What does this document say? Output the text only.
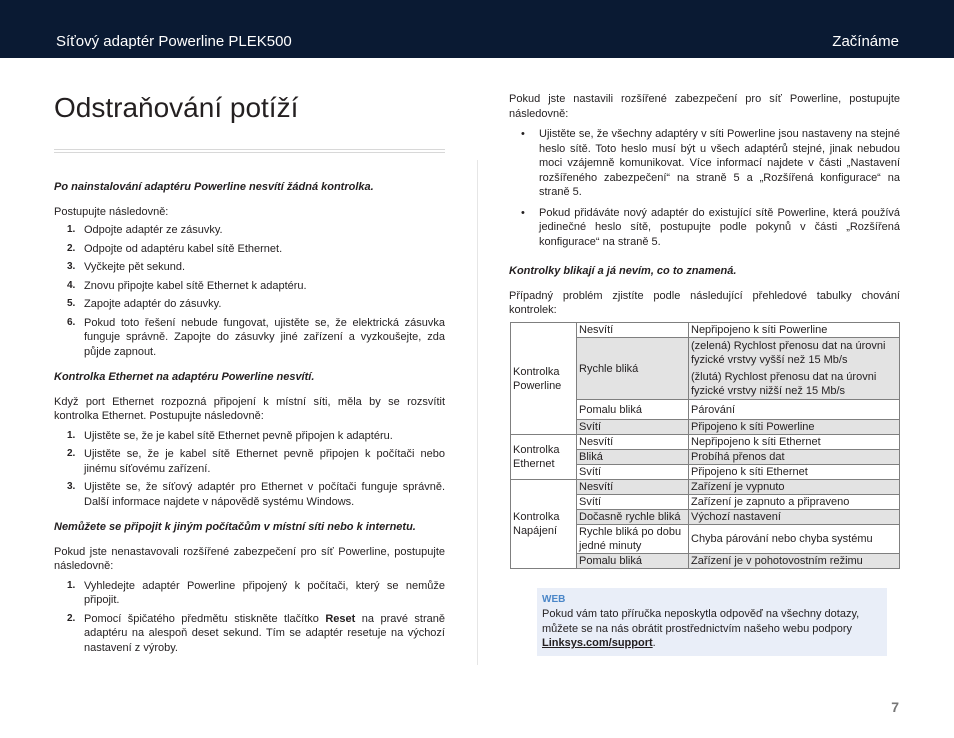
Síťový adaptér Powerline PLEK500	Začínáme
Odstraňování potíží

Po nainstalování adaptéru Powerline nesvítí žádná kontrolka.

Postupujte následovně:

1. Odpojte adaptér ze zásuvky.
2. Odpojte od adaptéru kabel sítě Ethernet.
3. Vyčkejte pět sekund.
4. Znovu připojte kabel sítě Ethernet k adaptéru.
5. Zapojte adaptér do zásuvky.
6. Pokud toto řešení nebude fungovat, ujistěte se, že elektrická zásuvka funguje správně. Zapojte do zásuvky jiné zařízení a vyzkoušejte, zda půjde zapnout.

Kontrolka Ethernet na adaptéru Powerline nesvítí.

Když port Ethernet rozpozná připojení k místní síti, měla by se rozsvítit kontrolka Ethernet. Postupujte následovně:

1. Ujistěte se, že je kabel sítě Ethernet pevně připojen k adaptéru.
2. Ujistěte se, že je kabel sítě Ethernet pevně připojen k počítači nebo jinému síťovému zařízení.
3. Ujistěte se, že síťový adaptér pro Ethernet v počítači funguje správně. Další informace najdete v nápovědě systému Windows.

Nemůžete se připojit k jiným počítačům v místní síti nebo k internetu.

Pokud jste nenastavovali rozšířené zabezpečení pro síť Powerline, postupujte následovně:

1. Vyhledejte adaptér Powerline připojený k počítači, který se nemůže připojit.
2. Pomocí špičatého předmětu stiskněte tlačítko Reset na pravé straně adaptéru na alespoň deset sekund. Tím se adaptér resetuje na výchozí nastavení z výroby.

Pokud jste nastavili rozšířené zabezpečení pro síť Powerline, postupujte následovně:

• Ujistěte se, že všechny adaptéry v síti Powerline jsou nastaveny na stejné heslo sítě. Toto heslo musí být u všech adaptérů stejné, jinak nebudou moci vzájemně komunikovat. Více informací najdete v části „Nastavení rozšířeného zabezpečení“ na straně 5 a „Rozšířená konfigurace“ na straně 5.
• Pokud přidáváte nový adaptér do existující sítě Powerline, která používá jedinečné heslo sítě, postupujte podle pokynů v části „Rozšířená konfigurace“ na straně 5.

Kontrolky blikají a já nevím, co to znamená.

Případný problém zjistíte podle následující přehledové tabulky chování kontrolek:

Kontrolka Powerline	Nesvítí	Nepřipojeno k síti Powerline
	Rychle bliká	(zelená) Rychlost přenosu dat na úrovni fyzické vrstvy vyšší než 15 Mb/s
		(žlutá) Rychlost přenosu dat na úrovni fyzické vrstvy nižší než 15 Mb/s
	Pomalu bliká	Párování
	Svítí	Připojeno k síti Powerline
Kontrolka Ethernet	Nesvítí	Nepřipojeno k síti Ethernet
	Bliká	Probíhá přenos dat
	Svítí	Připojeno k síti Ethernet
Kontrolka Napájení	Nesvítí	Zařízení je vypnuto
	Svítí	Zařízení je zapnuto a připraveno
	Dočasně rychle bliká	Výchozí nastavení
	Rychle bliká po dobu jedné minuty	Chyba párování nebo chyba systému
	Pomalu bliká	Zařízení je v pohotovostním režimu
WEB

Pokud vám tato příručka neposkytla odpověď na všechny dotazy, můžete se na nás obrátit prostřednictvím našeho webu podpory Linksys.com/support.

7
